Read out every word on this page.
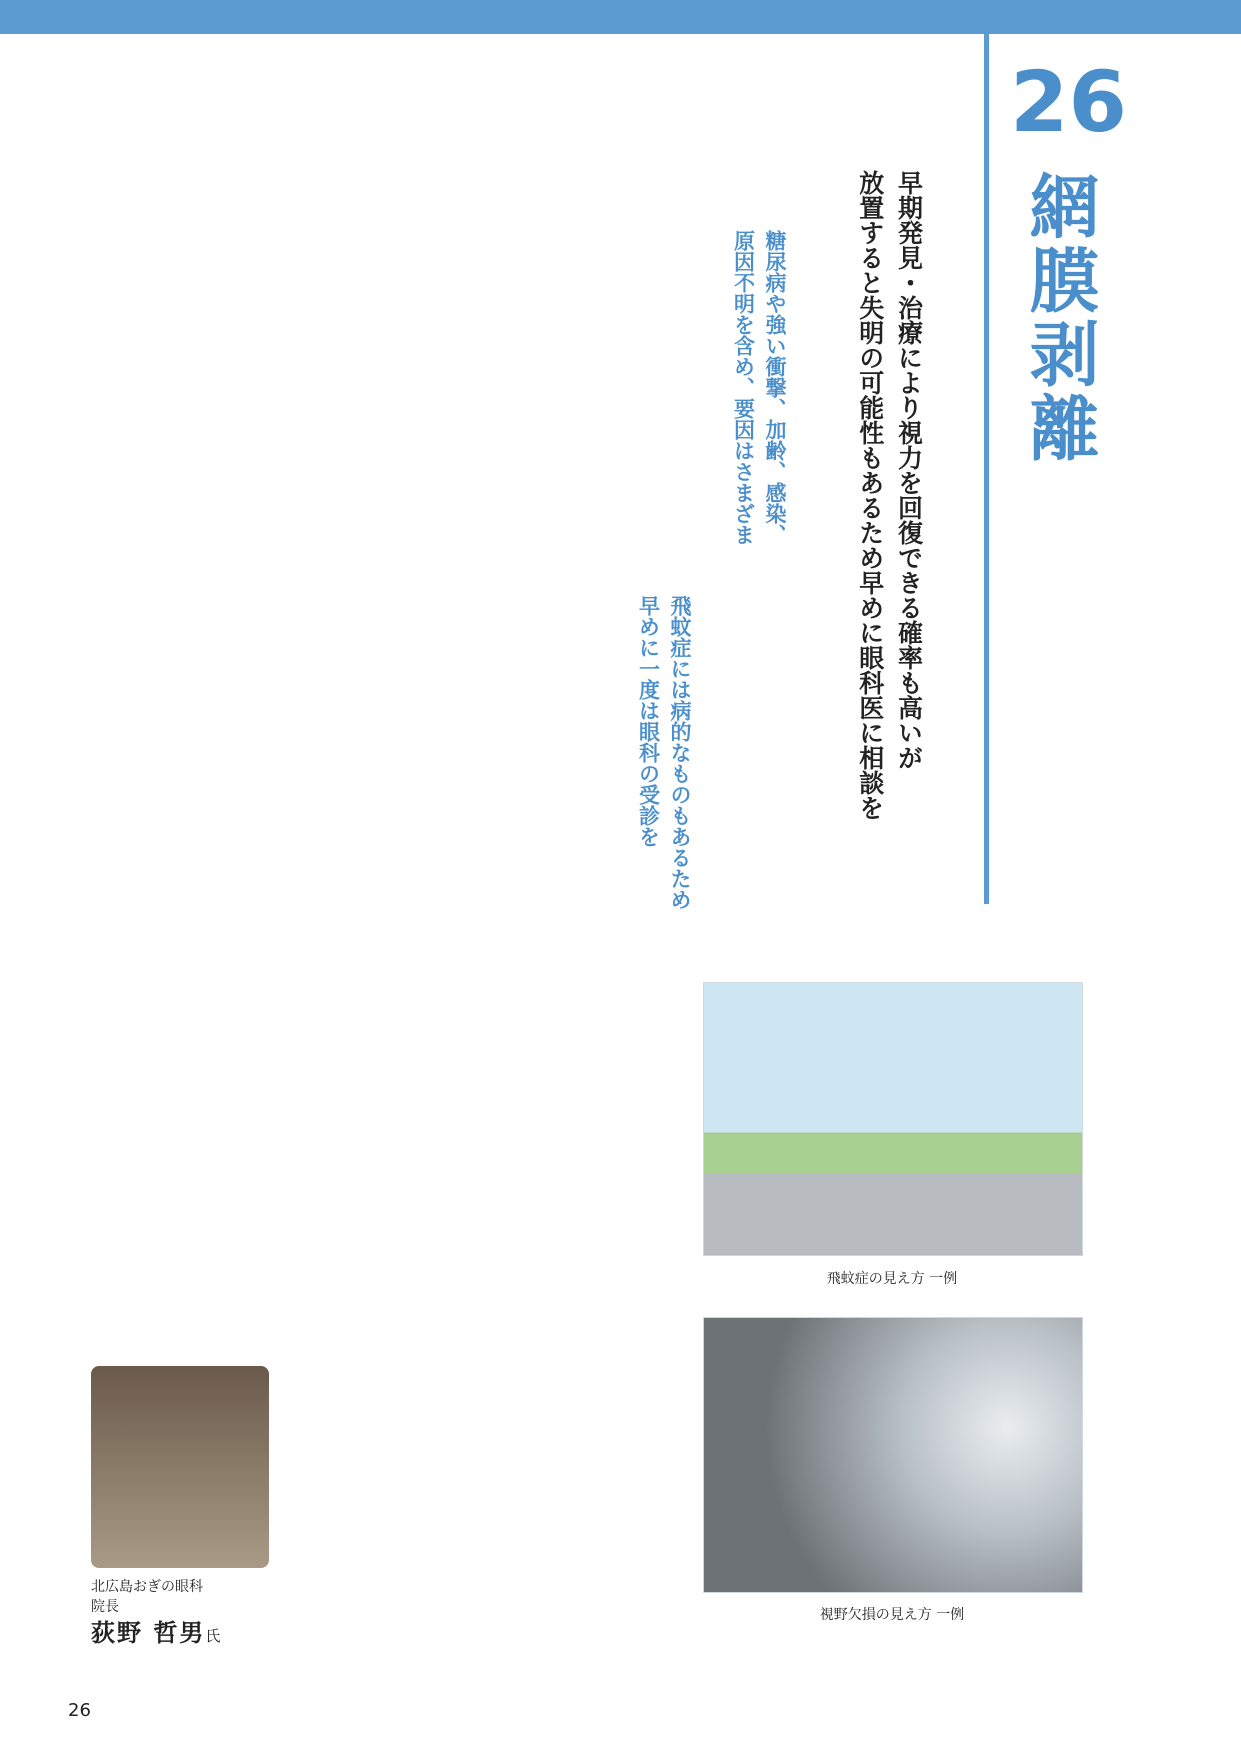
26
網膜剥離
早期発見・治療により視力を回復できる確率も高いが
放置すると失明の可能性もあるため早めに眼科医に相談を
糖尿病や強い衝撃、加齢、感染、
原因不明を含め、要因はさまざま
飛蚊症には病的なものもあるため
早めに一度は眼科の受診を
飛蚊症の見え方 一例
視野欠損の見え方 一例
北広島おぎの眼科
院長
荻野 哲男氏
26
